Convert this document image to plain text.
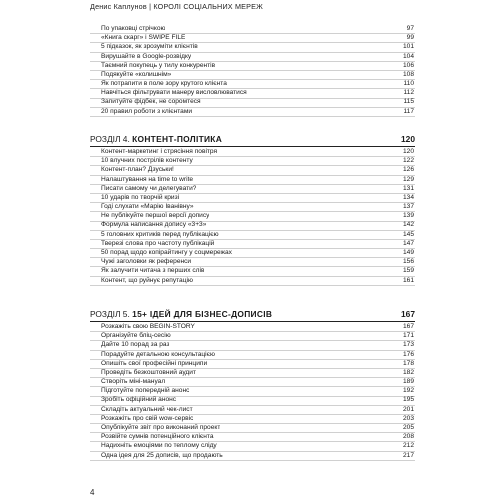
Денис Каплунов | КОРОЛІ СОЦІАЛЬНИХ МЕРЕЖ
По упаковці стрічкою	97
«Книга скарг» і SWIPE FILE	99
5 підказок, як зрозуміти клієнтів	101
Вирушайте в Google-розвідку	104
Таємний покупець у тилу конкурентів	106
Подякуйте «колишнім»	108
Як потрапити в поле зору крутого клієнта	110
Навчіться фільтрувати манеру висловлюватися	112
Запитуйте фідбек, не соромтеся	115
20 правил роботи з клієнтами	117
РОЗДІЛ 4. КОНТЕНТ-ПОЛІТИКА	120
Контент-маркетинг і стрясіння повітря	120
10 влучних пострілів контенту	122
Контент-план? Дзуськи!	126
Налаштування на time to write	129
Писати самому чи делегувати?	131
10 ударів по творчій кризі	134
Годі слухати «Марію Іванівну»	137
Не публікуйте першої версії допису	139
Формула написання допису «3+3»	142
5 головних критиків перед публікацією	145
Тверезі слова про частоту публікацій	147
50 порад щодо копірайтингу у соцмережах	149
Чужі заголовки як референси	156
Як залучити читача з перших слів	159
Контент, що руйнує репутацію	161
РОЗДІЛ 5. 15+ ІДЕЙ ДЛЯ БІЗНЕС-ДОПИСІВ	167
Розкажіть свою BEGIN-STORY	167
Організуйте бліц-сесію	171
Дайте 10 порад за раз	173
Порадуйте детальною консультацією	176
Опишіть свої професійні принципи	178
Проведіть безкоштовний аудит	182
Створіть міні-мануал	189
Підготуйте попередній анонс	192
Зробіть офіційний анонс	195
Складіть актуальний чек-лист	201
Розкажіть про свій wow-сервіс	203
Опублікуйте звіт про виконаний проект	205
Розвійте сумнів потенційного клієнта	208
Надихніть емоціями по теплому сліду	212
Одна ідея для 25 дописів, що продають	217
4
